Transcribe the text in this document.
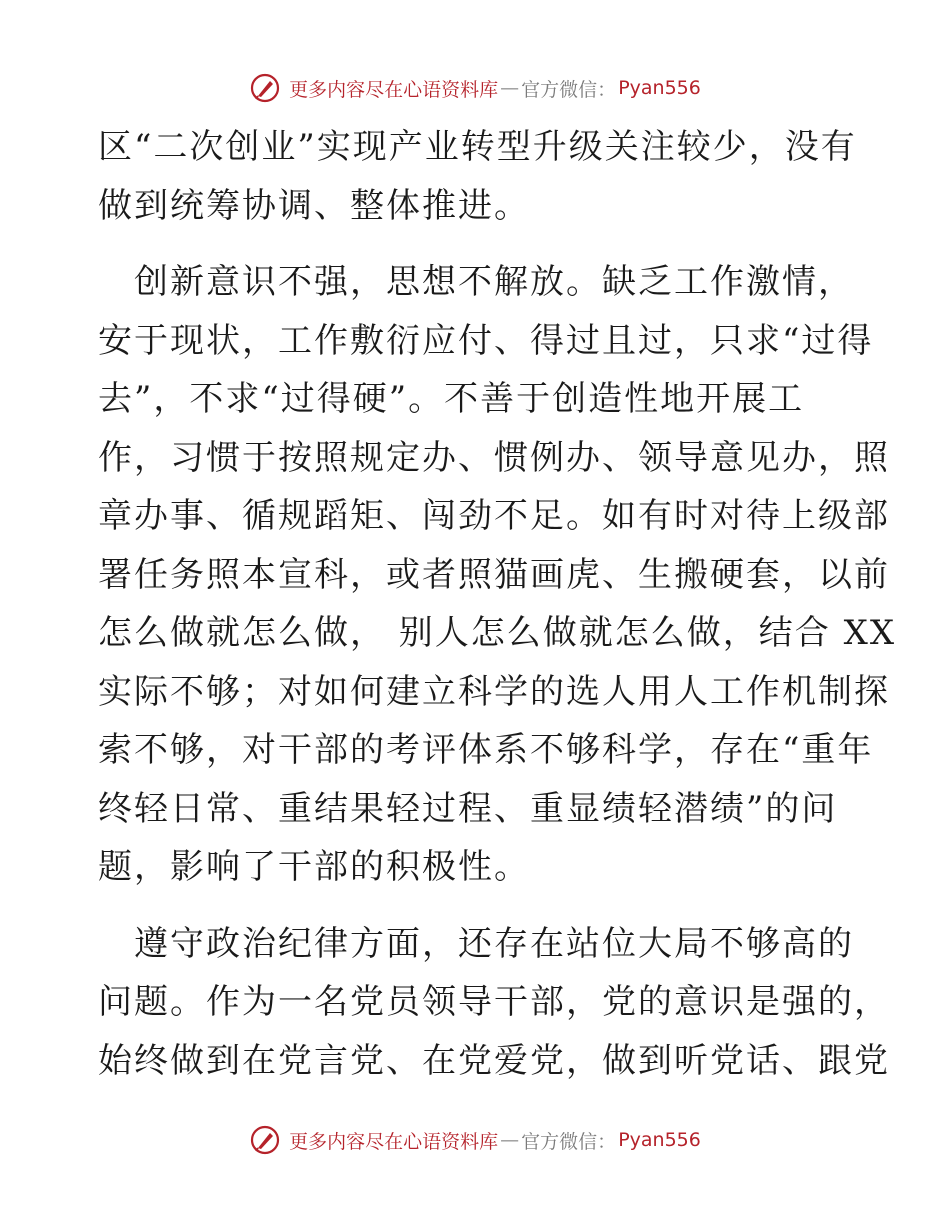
更多内容尽在心语资料库 — 官方微信： Pyan556
区“二次创业”实现产业转型升级关注较少，没有
做到统筹协调、整体推进。
　创新意识不强，思想不解放。缺乏工作激情，
安于现状，工作敷衍应付、得过且过，只求“过得
去”，不求“过得硬”。不善于创造性地开展工
作，习惯于按照规定办、惯例办、领导意见办，照
章办事、循规蹈矩、闯劲不足。如有时对待上级部
署任务照本宣科，或者照猫画虎、生搬硬套，以前
怎么做就怎么做， 别人怎么做就怎么做，结合 XX
实际不够；对如何建立科学的选人用人工作机制探
索不够，对干部的考评体系不够科学，存在“重年
终轻日常、重结果轻过程、重显绩轻潜绩”的问
题，影响了干部的积极性。
　遵守政治纪律方面，还存在站位大局不够高的
问题。作为一名党员领导干部，党的意识是强的，
始终做到在党言党、在党爱党，做到听党话、跟党
更多内容尽在心语资料库 — 官方微信： Pyan556
